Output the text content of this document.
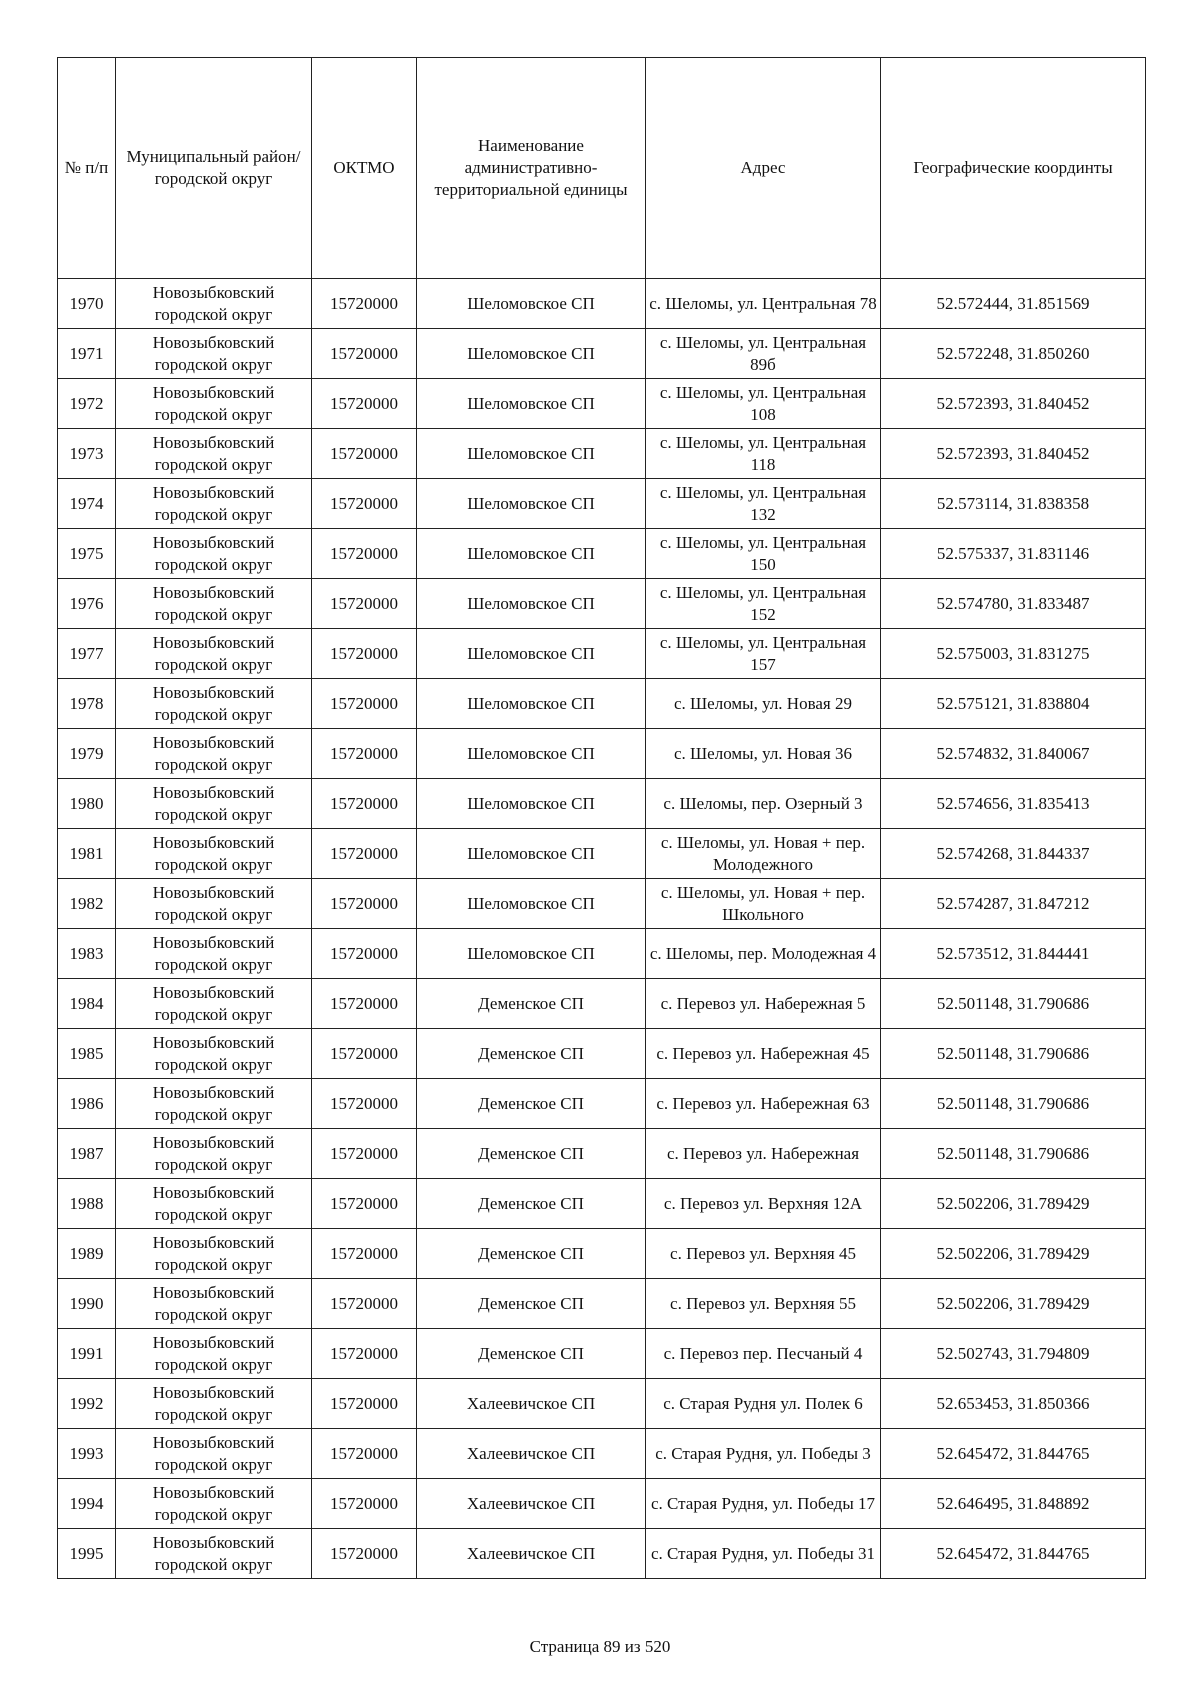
№ п/п	Муниципальный район/городской округ	ОКТМО	Наименование административно-территориальной единицы	Адрес	Географические координты
1970	Новозыбковский городской округ	15720000	Шеломовское СП	с. Шеломы, ул. Центральная 78	52.572444, 31.851569
1971	Новозыбковский городской округ	15720000	Шеломовское СП	с. Шеломы, ул. Центральная 89б	52.572248, 31.850260
1972	Новозыбковский городской округ	15720000	Шеломовское СП	с. Шеломы, ул. Центральная 108	52.572393, 31.840452
1973	Новозыбковский городской округ	15720000	Шеломовское СП	с. Шеломы, ул. Центральная 118	52.572393, 31.840452
1974	Новозыбковский городской округ	15720000	Шеломовское СП	с. Шеломы, ул. Центральная 132	52.573114, 31.838358
1975	Новозыбковский городской округ	15720000	Шеломовское СП	с. Шеломы, ул. Центральная 150	52.575337, 31.831146
1976	Новозыбковский городской округ	15720000	Шеломовское СП	с. Шеломы, ул. Центральная 152	52.574780, 31.833487
1977	Новозыбковский городской округ	15720000	Шеломовское СП	с. Шеломы, ул. Центральная 157	52.575003, 31.831275
1978	Новозыбковский городской округ	15720000	Шеломовское СП	с. Шеломы, ул. Новая 29	52.575121, 31.838804
1979	Новозыбковский городской округ	15720000	Шеломовское СП	с. Шеломы, ул. Новая 36	52.574832, 31.840067
1980	Новозыбковский городской округ	15720000	Шеломовское СП	с. Шеломы, пер. Озерный 3	52.574656, 31.835413
1981	Новозыбковский городской округ	15720000	Шеломовское СП	с. Шеломы, ул. Новая + пер. Молодежного	52.574268, 31.844337
1982	Новозыбковский городской округ	15720000	Шеломовское СП	с. Шеломы, ул. Новая + пер. Школьного	52.574287, 31.847212
1983	Новозыбковский городской округ	15720000	Шеломовское СП	с. Шеломы, пер. Молодежная 4	52.573512, 31.844441
1984	Новозыбковский городской округ	15720000	Деменское СП	с. Перевоз ул. Набережная 5	52.501148, 31.790686
1985	Новозыбковский городской округ	15720000	Деменское СП	с. Перевоз ул. Набережная 45	52.501148, 31.790686
1986	Новозыбковский городской округ	15720000	Деменское СП	с. Перевоз ул. Набережная 63	52.501148, 31.790686
1987	Новозыбковский городской округ	15720000	Деменское СП	с. Перевоз ул. Набережная	52.501148, 31.790686
1988	Новозыбковский городской округ	15720000	Деменское СП	с. Перевоз ул. Верхняя 12А	52.502206, 31.789429
1989	Новозыбковский городской округ	15720000	Деменское СП	с. Перевоз ул. Верхняя 45	52.502206, 31.789429
1990	Новозыбковский городской округ	15720000	Деменское СП	с. Перевоз ул. Верхняя 55	52.502206, 31.789429
1991	Новозыбковский городской округ	15720000	Деменское СП	с. Перевоз пер. Песчаный 4	52.502743, 31.794809
1992	Новозыбковский городской округ	15720000	Халеевичское СП	с. Старая Рудня ул. Полек 6	52.653453, 31.850366
1993	Новозыбковский городской округ	15720000	Халеевичское СП	с. Старая Рудня, ул. Победы 3	52.645472, 31.844765
1994	Новозыбковский городской округ	15720000	Халеевичское СП	с. Старая Рудня, ул. Победы 17	52.646495, 31.848892
1995	Новозыбковский городской округ	15720000	Халеевичское СП	с. Старая Рудня, ул. Победы 31	52.645472, 31.844765
Страница 89 из 520
